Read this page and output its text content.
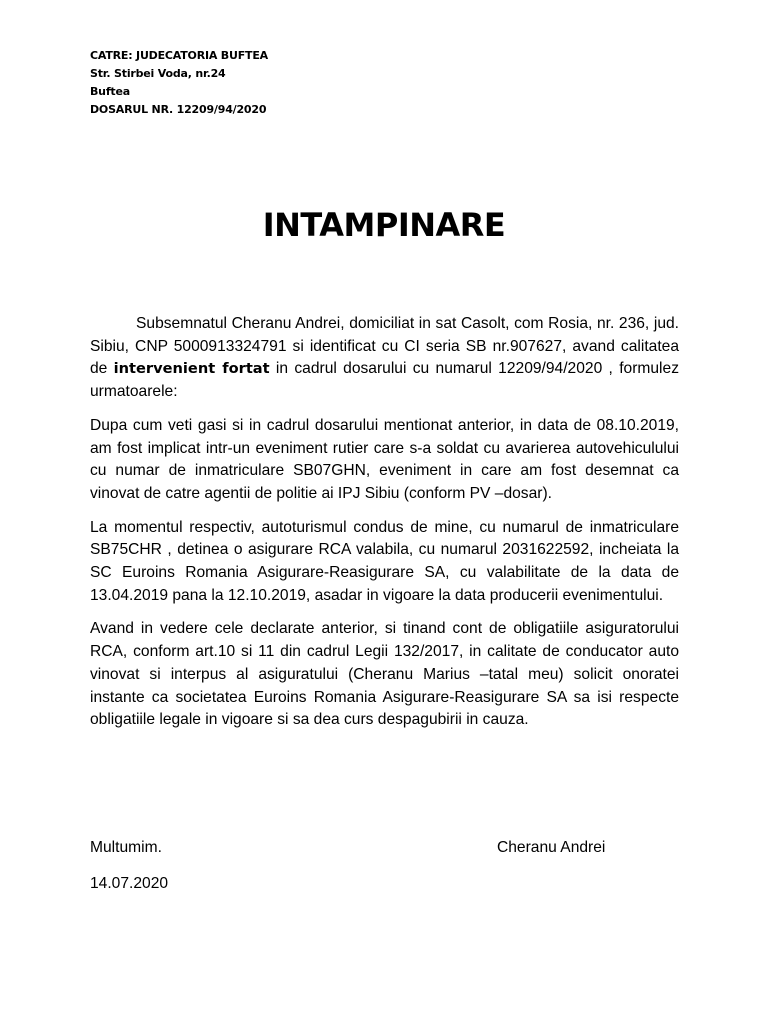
CATRE: JUDECATORIA BUFTEA
Str. Stirbei Voda, nr.24
Buftea
DOSARUL NR. 12209/94/2020
INTAMPINARE

Subsemnatul Cheranu Andrei, domiciliat in sat Casolt, com Rosia, nr. 236, jud. Sibiu, CNP 5000913324791 si identificat cu CI seria SB nr.907627, avand calitatea de intervenient fortat in cadrul dosarului cu numarul 12209/94/2020 , formulez urmatoarele:

Dupa cum veti gasi si in cadrul dosarului mentionat anterior, in data de 08.10.2019, am fost implicat intr-un eveniment rutier care s-a soldat cu avarierea autovehiculului cu numar de inmatriculare SB07GHN, eveniment in care am fost desemnat ca vinovat de catre agentii de politie ai IPJ Sibiu (conform PV –dosar).

La momentul respectiv, autoturismul condus de mine, cu numarul de inmatriculare SB75CHR , detinea o asigurare RCA valabila, cu numarul 2031622592, incheiata la SC Euroins Romania Asigurare-Reasigurare SA, cu valabilitate de la data de 13.04.2019 pana la 12.10.2019, asadar in vigoare la data producerii evenimentului.

Avand in vedere cele declarate anterior, si tinand cont de obligatiile asiguratorului RCA, conform art.10 si 11 din cadrul Legii 132/2017, in calitate de conducator auto vinovat si interpus al asiguratului (Cheranu Marius –tatal meu) solicit onoratei instante ca societatea Euroins Romania Asigurare-Reasigurare SA sa isi respecte obligatiile legale in vigoare si sa dea curs despagubirii in cauza.

Multumim.	Cheranu Andrei
14.07.2020
